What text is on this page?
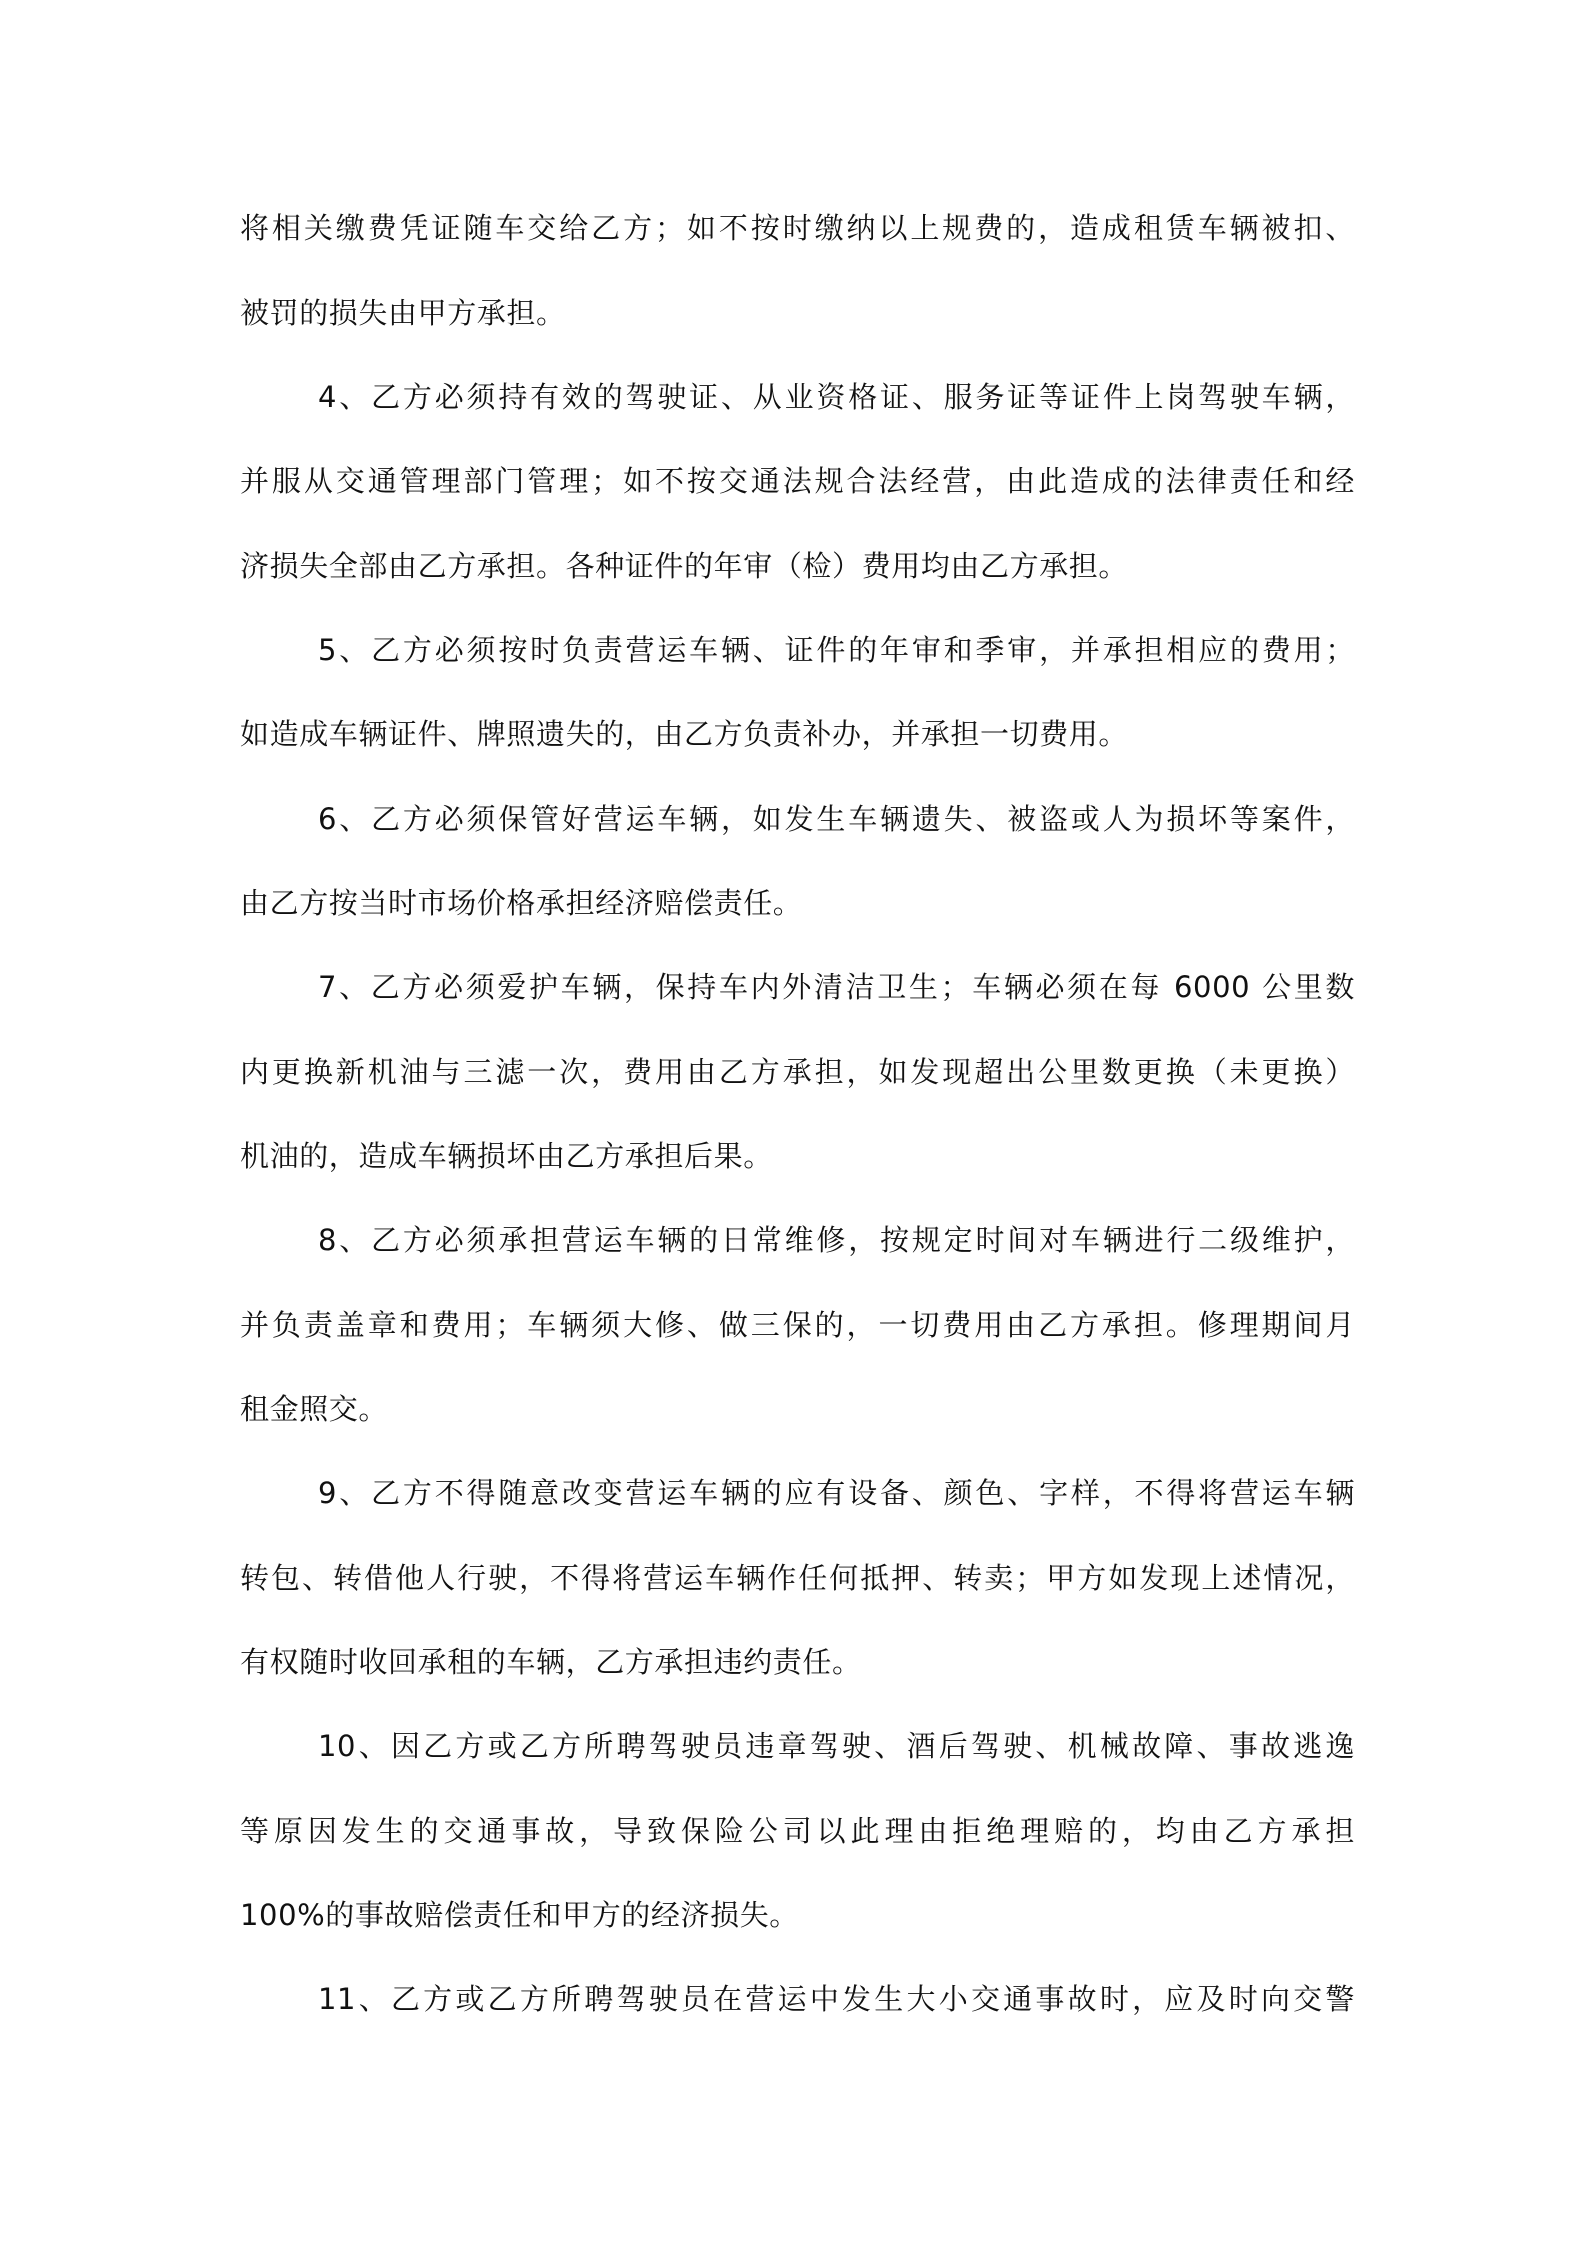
将相关缴费凭证随车交给乙方；如不按时缴纳以上规费的，造成租赁车辆被扣、
被罚的损失由甲方承担。
4、乙方必须持有效的驾驶证、从业资格证、服务证等证件上岗驾驶车辆，
并服从交通管理部门管理；如不按交通法规合法经营，由此造成的法律责任和经
济损失全部由乙方承担。各种证件的年审（检）费用均由乙方承担。
5、乙方必须按时负责营运车辆、证件的年审和季审，并承担相应的费用；
如造成车辆证件、牌照遗失的，由乙方负责补办，并承担一切费用。
6、乙方必须保管好营运车辆，如发生车辆遗失、被盗或人为损坏等案件，
由乙方按当时市场价格承担经济赔偿责任。
7、乙方必须爱护车辆，保持车内外清洁卫生；车辆必须在每 6000 公里数
内更换新机油与三滤一次，费用由乙方承担，如发现超出公里数更换（未更换）
机油的，造成车辆损坏由乙方承担后果。
8、乙方必须承担营运车辆的日常维修，按规定时间对车辆进行二级维护，
并负责盖章和费用；车辆须大修、做三保的，一切费用由乙方承担。修理期间月
租金照交。
9、乙方不得随意改变营运车辆的应有设备、颜色、字样，不得将营运车辆
转包、转借他人行驶，不得将营运车辆作任何抵押、转卖；甲方如发现上述情况，
有权随时收回承租的车辆，乙方承担违约责任。
10、因乙方或乙方所聘驾驶员违章驾驶、酒后驾驶、机械故障、事故逃逸
等原因发生的交通事故，导致保险公司以此理由拒绝理赔的，均由乙方承担
100%的事故赔偿责任和甲方的经济损失。
11、乙方或乙方所聘驾驶员在营运中发生大小交通事故时，应及时向交警
